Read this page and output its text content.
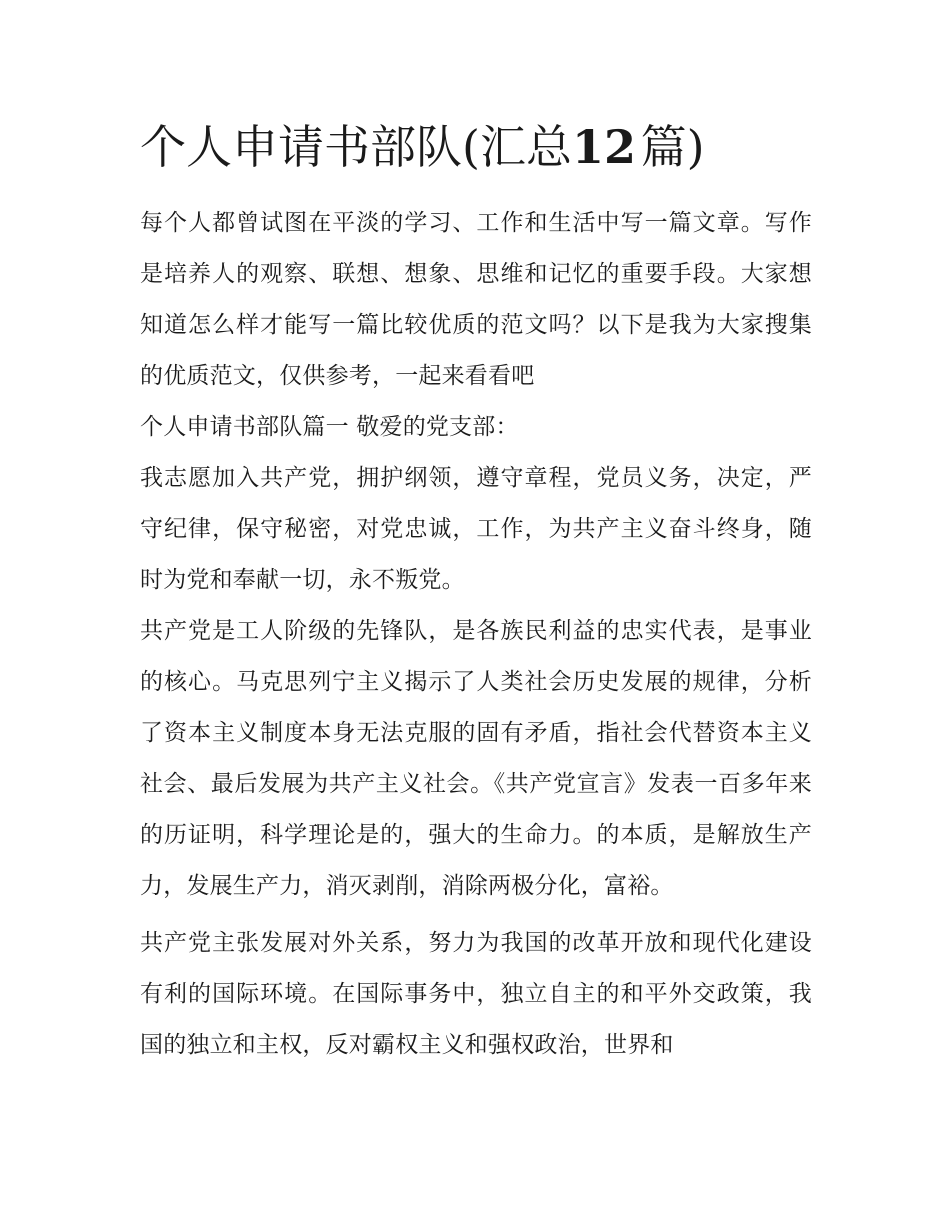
个人申请书部队(汇总12 篇)

每个人都曾试图在平淡的学习、工作和生活中写一篇文章。写作是培养人的观察、联想、想象、思维和记忆的重要手段。大家想知道怎么样才能写一篇比较优质的范文吗？以下是我为大家搜集的优质范文，仅供参考，一起来看看吧

个人申请书部队篇一 敬爱的党支部：

我志愿加入共产党，拥护纲领，遵守章程，党员义务，决定，严守纪律，保守秘密，对党忠诚，工作，为共产主义奋斗终身，随时为党和奉献一切，永不叛党。

共产党是工人阶级的先锋队，是各族民利益的忠实代表，是事业的核心。马克思列宁主义揭示了人类社会历史发展的规律，分析了资本主义制度本身无法克服的固有矛盾，指社会代替资本主义社会、最后发展为共产主义社会。《共产党宣言》发表一百多年来的历证明，科学理论是的，强大的生命力。的本质，是解放生产力，发展生产力，消灭剥削，消除两极分化，富裕。

共产党主张发展对外关系，努力为我国的改革开放和现代化建设有利的国际环境。在国际事务中，独立自主的和平外交政策，我国的独立和主权，反对霸权主义和强权政治，世界和
